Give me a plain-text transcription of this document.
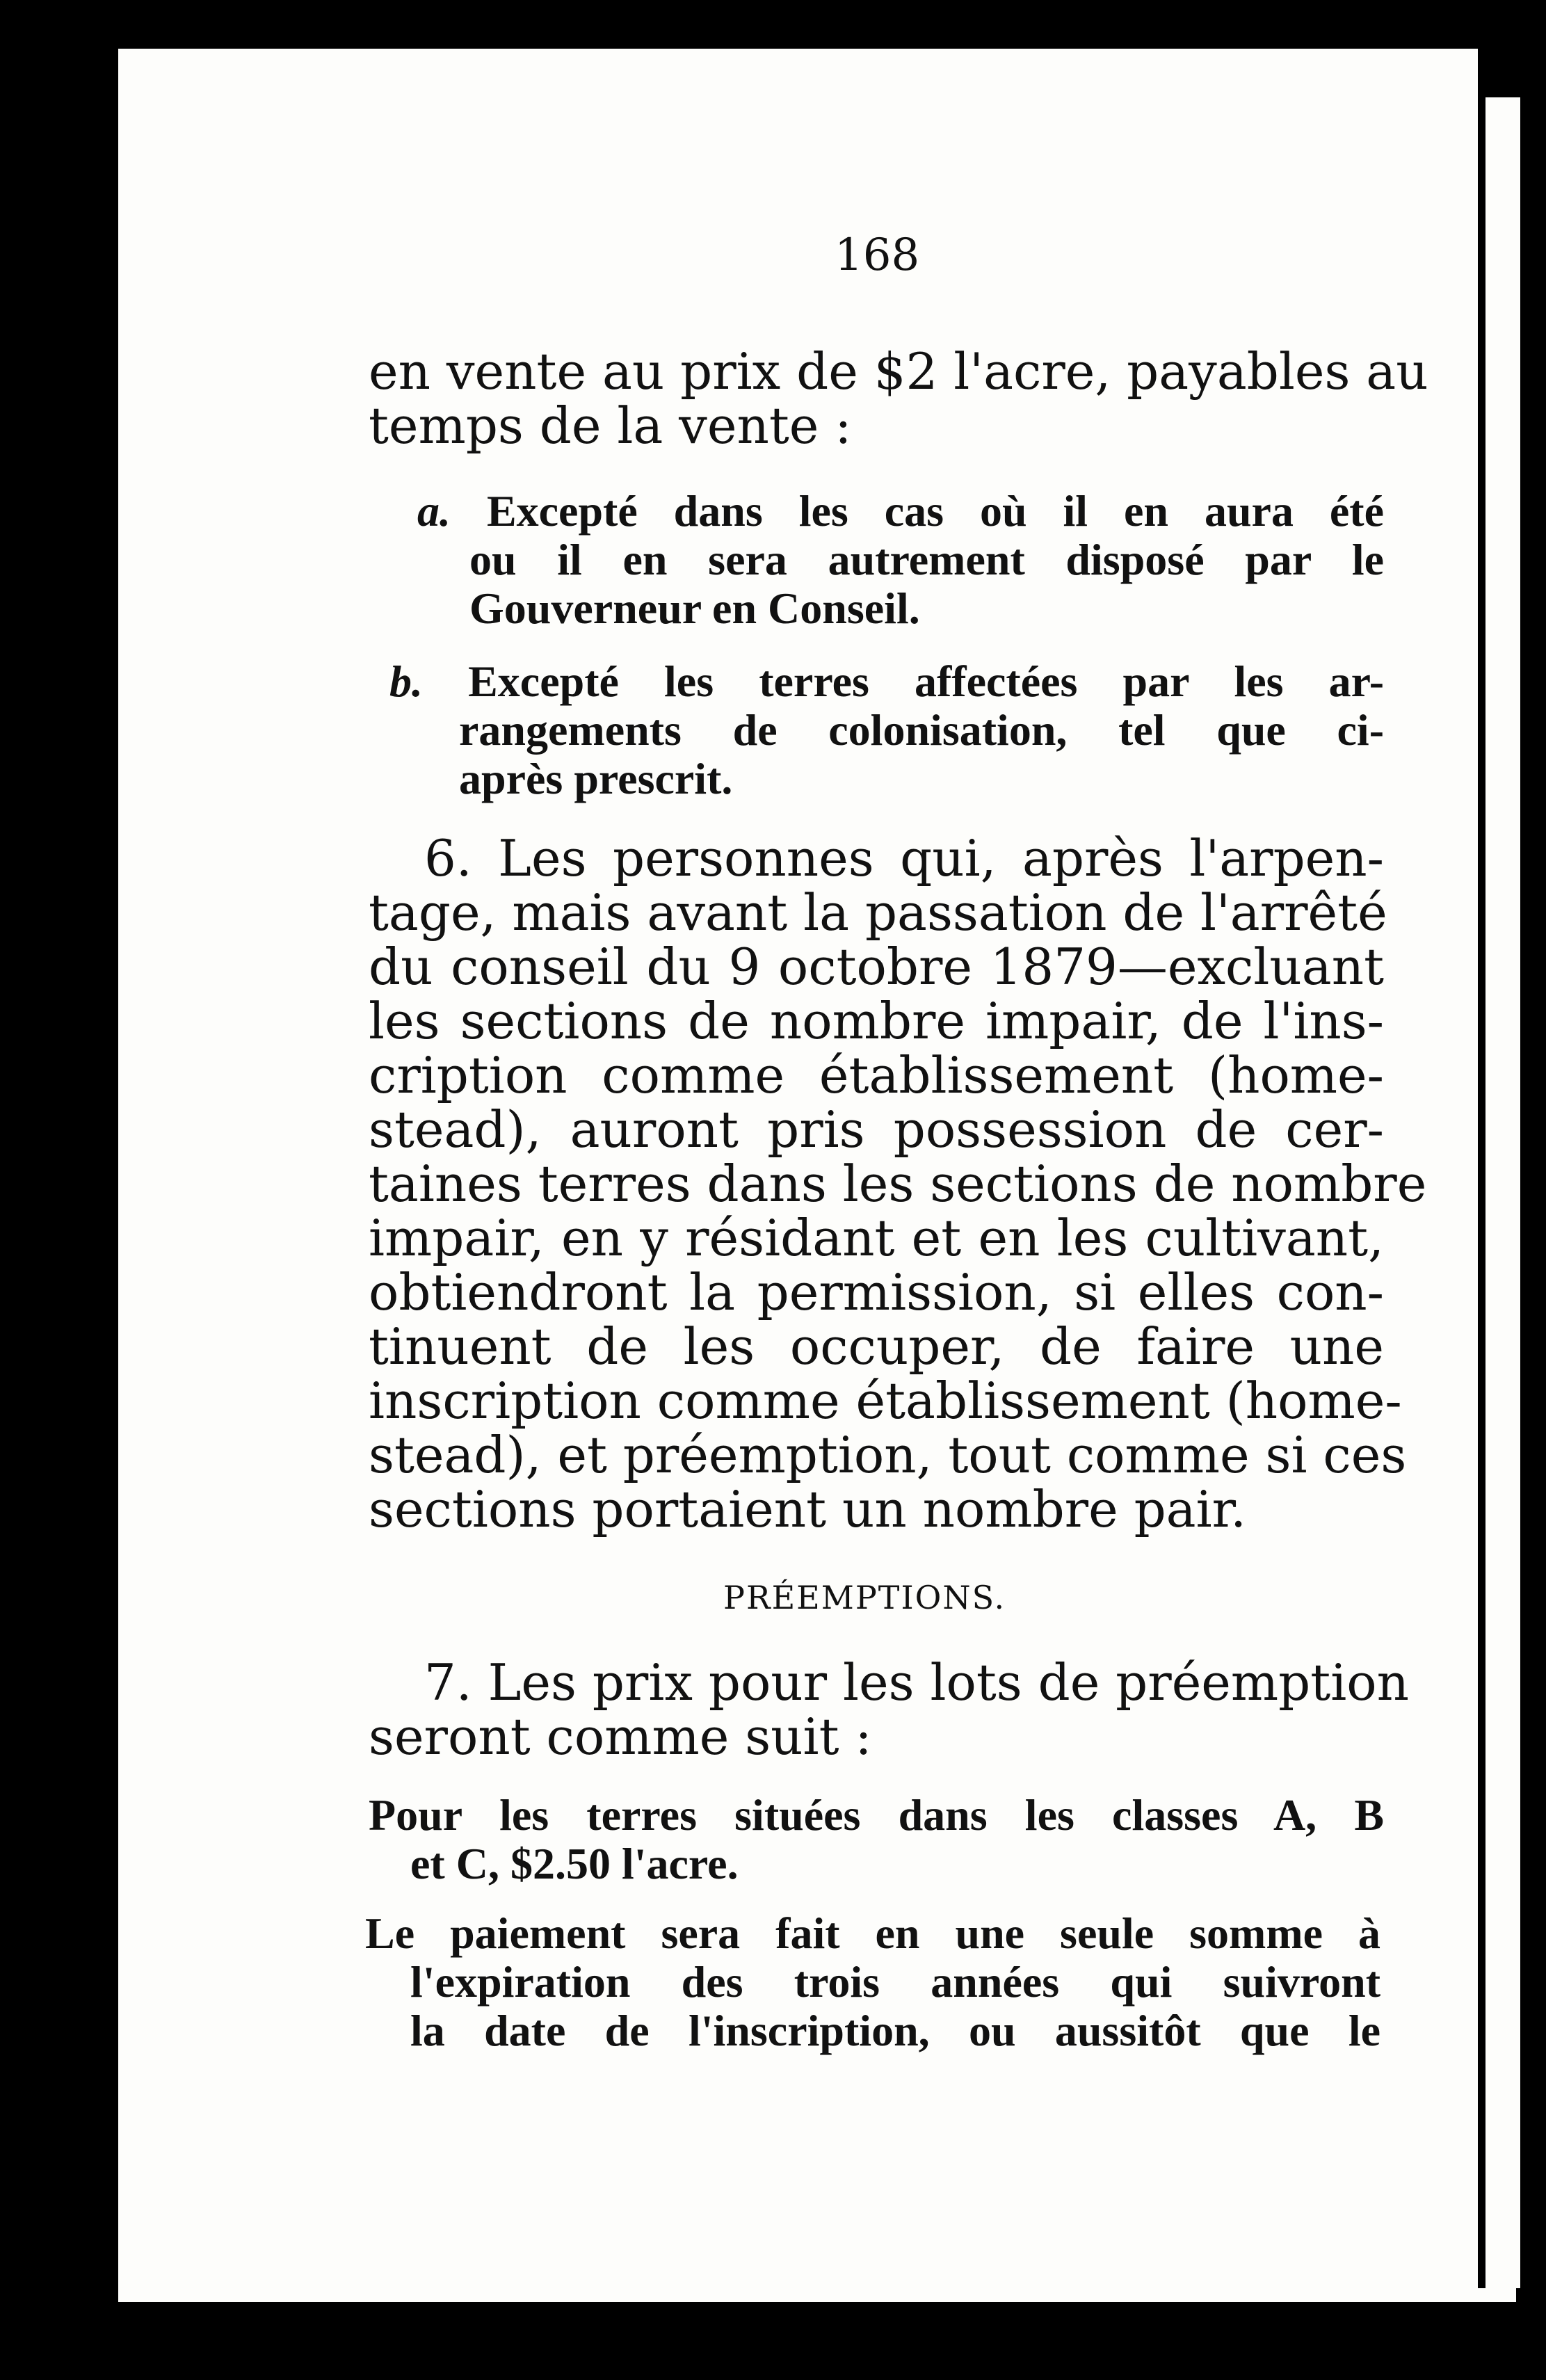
168
en vente au prix de $2 l'acre, payables au
temps de la vente :
a. Excepté dans les cas où il en aura été
ou il en sera autrement disposé par le
Gouverneur en Conseil.
b. Excepté les terres affectées par les ar-
rangements de colonisation, tel que ci-
après prescrit.
6. Les personnes qui, après l'arpen-
tage, mais avant la passation de l'arrêté
du conseil du 9 octobre 1879—excluant
les sections de nombre impair, de l'ins-
cription comme établissement (home-
stead), auront pris possession de cer-
taines terres dans les sections de nombre
impair, en y résidant et en les cultivant,
obtiendront la permission, si elles con-
tinuent de les occuper, de faire une
inscription comme établissement (home-
stead), et préemption, tout comme si ces
sections portaient un nombre pair.
PRÉEMPTIONS.
7. Les prix pour les lots de préemption
seront comme suit :
Pour les terres situées dans les classes A, B
et C, $2.50 l'acre.
Le paiement sera fait en une seule somme à
l'expiration des trois années qui suivront
la date de l'inscription, ou aussitôt que le
